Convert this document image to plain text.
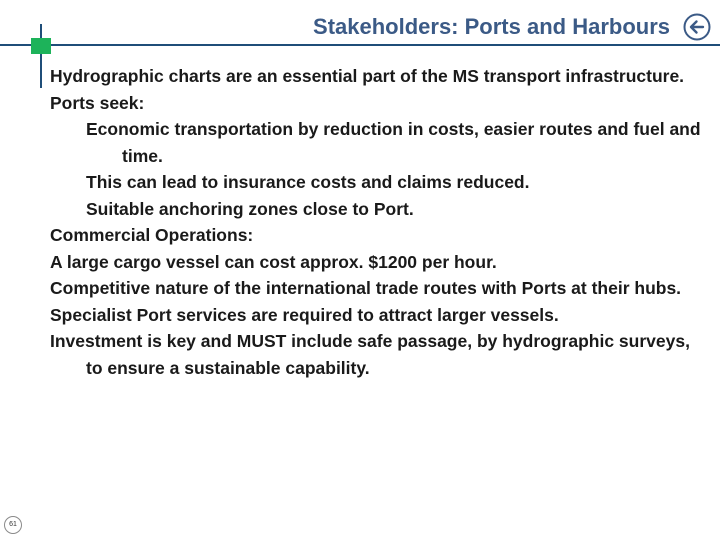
Stakeholders: Ports and Harbours

Hydrographic charts are an essential part of the MS transport infrastructure.

Ports seek:

Economic transportation by reduction in costs, easier routes and fuel and time.

This can lead to insurance costs and claims reduced.

Suitable anchoring zones close to Port.

Commercial Operations:

A large cargo vessel can cost approx. $1200 per hour.

Competitive nature of the international trade routes with Ports at their hubs.

Specialist Port services are required to attract larger vessels.

Investment is key and MUST include safe passage, by hydrographic surveys, to ensure a sustainable capability.

61
